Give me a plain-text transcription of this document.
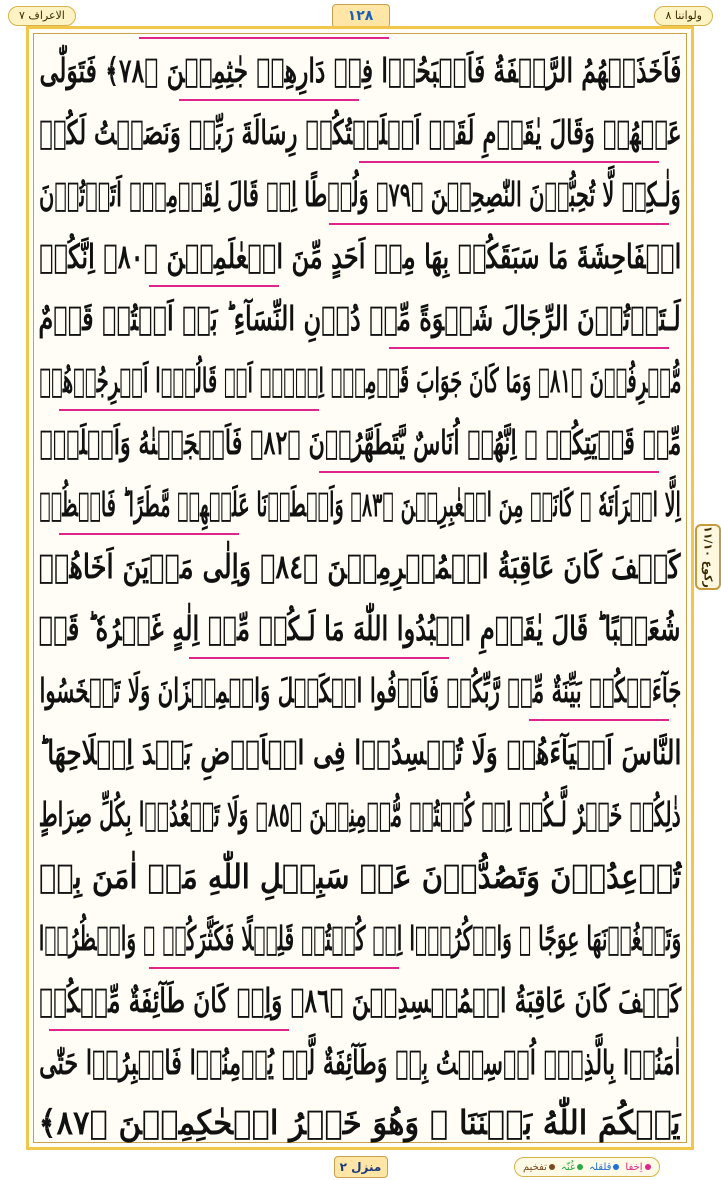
الاعراف ٧	١٢٨	ولواننا ٨
فَاَخَذَتۡهُمُ الرَّجۡفَةُ فَاَصۡبَحُوۡا فِيۡ دَارِهِمۡ جٰثِمِيۡنَ ﴿٧٨﴾ فَتَوَلّٰى
عَنۡهُمۡ وَقَالَ يٰقَوۡمِ لَقَدۡ اَبۡلَغۡتُكُمۡ رِسَالَةَ رَبِّيۡ وَنَصَحۡتُ لَكُمۡ
وَلٰـكِنۡ لَّا تُحِبُّوۡنَ النّٰصِحِيۡنَ ﴿٧٩﴾ وَلُوۡطًا اِذۡ قَالَ لِقَوۡمِهٖۤ اَتَاۡتُوۡنَ
الۡفَاحِشَةَ مَا سَبَقَكُمۡ بِهَا مِنۡ اَحَدٍ مِّنَ الۡعٰلَمِيۡنَ ﴿٨٠﴾ اِنَّكُمۡ
لَـتَاۡتُوۡنَ الرِّجَالَ شَهۡوَةً مِّنۡ دُوۡنِ النِّسَآءِ ؕ بَلۡ اَنۡتُمۡ قَوۡمٌ
مُّسۡرِفُوۡنَ ﴿٨١﴾ وَمَا كَانَ جَوَابَ قَوۡمِهٖۤ اِلَّاۤ اَنۡ قَالُوۡۤا اَخۡرِجُوۡهُمۡ
مِّنۡ قَرۡيَتِكُمۡ ۚ اِنَّهُمۡ اُنَاسٌ يَّتَطَهَّرُوۡنَ ﴿٨٢﴾ فَاَنۡجَيۡنٰهُ وَاَهۡلَهٗۤ
اِلَّا امۡرَاَتَهٗ ۖ كَانَتۡ مِنَ الۡغٰبِرِيۡنَ ﴿٨٣﴾ وَاَمۡطَرۡنَا عَلَيۡهِمۡ مَّطَرًا ؕ فَانۡظُرۡ
كَيۡفَ كَانَ عَاقِبَةُ الۡمُجۡرِمِيۡنَ ﴿٨٤﴾ وَاِلٰى مَدۡيَنَ اَخَاهُمۡ
شُعَيۡبًا ؕ قَالَ يٰقَوۡمِ اعۡبُدُوا اللّٰهَ مَا لَـكُمۡ مِّنۡ اِلٰهٍ غَيۡرُهٗ ؕ قَدۡ
جَآءَتۡكُمۡ بَيِّنَةٌ مِّنۡ رَّبِّكُمۡ فَاَوۡفُوا الۡكَيۡلَ وَالۡمِيۡزَانَ وَلَا تَبۡخَسُوا
النَّاسَ اَشۡيَآءَهُمۡ وَلَا تُفۡسِدُوۡا فِى الۡاَرۡضِ بَعۡدَ اِصۡلَاحِهَا ؕ
ذٰلِكُمۡ خَيۡرٌ لَّـكُمۡ اِنۡ كُنۡتُمۡ مُّؤۡمِنِيۡنَ ﴿٨٥﴾ وَلَا تَقۡعُدُوۡا بِكُلِّ صِرَاطٍ
تُوۡعِدُوۡنَ وَتَصُدُّوۡنَ عَنۡ سَبِيۡلِ اللّٰهِ مَنۡ اٰمَنَ بِهٖ
وَتَبۡغُوۡنَهَا عِوَجًا ۚ وَاذۡكُرُوۡۤا اِذۡ كُنۡتُمۡ قَلِيۡلًا فَكَثَّرَكُمۡ ۖ وَانۡظُرُوۡا
كَيۡفَ كَانَ عَاقِبَةُ الۡمُفۡسِدِيۡنَ ﴿٨٦﴾ وَاِنۡ كَانَ طَآئِفَةٌ مِّنۡكُمۡ
اٰمَنُوۡا بِالَّذِىۡۤ اُرۡسِلۡتُ بِهٖ وَطَآئِفَةٌ لَّمۡ يُؤۡمِنُوۡا فَاصۡبِرُوۡا حَتّٰى
يَحۡكُمَ اللّٰهُ بَيۡنَنَا ۚ وَهُوَ خَيۡرُ الۡحٰكِمِيۡنَ ﴿٨٧﴾
ركوع ١١/١٠
منزل ٢	اِخفا
قلقلہ
غُنّہ
تفخیم
